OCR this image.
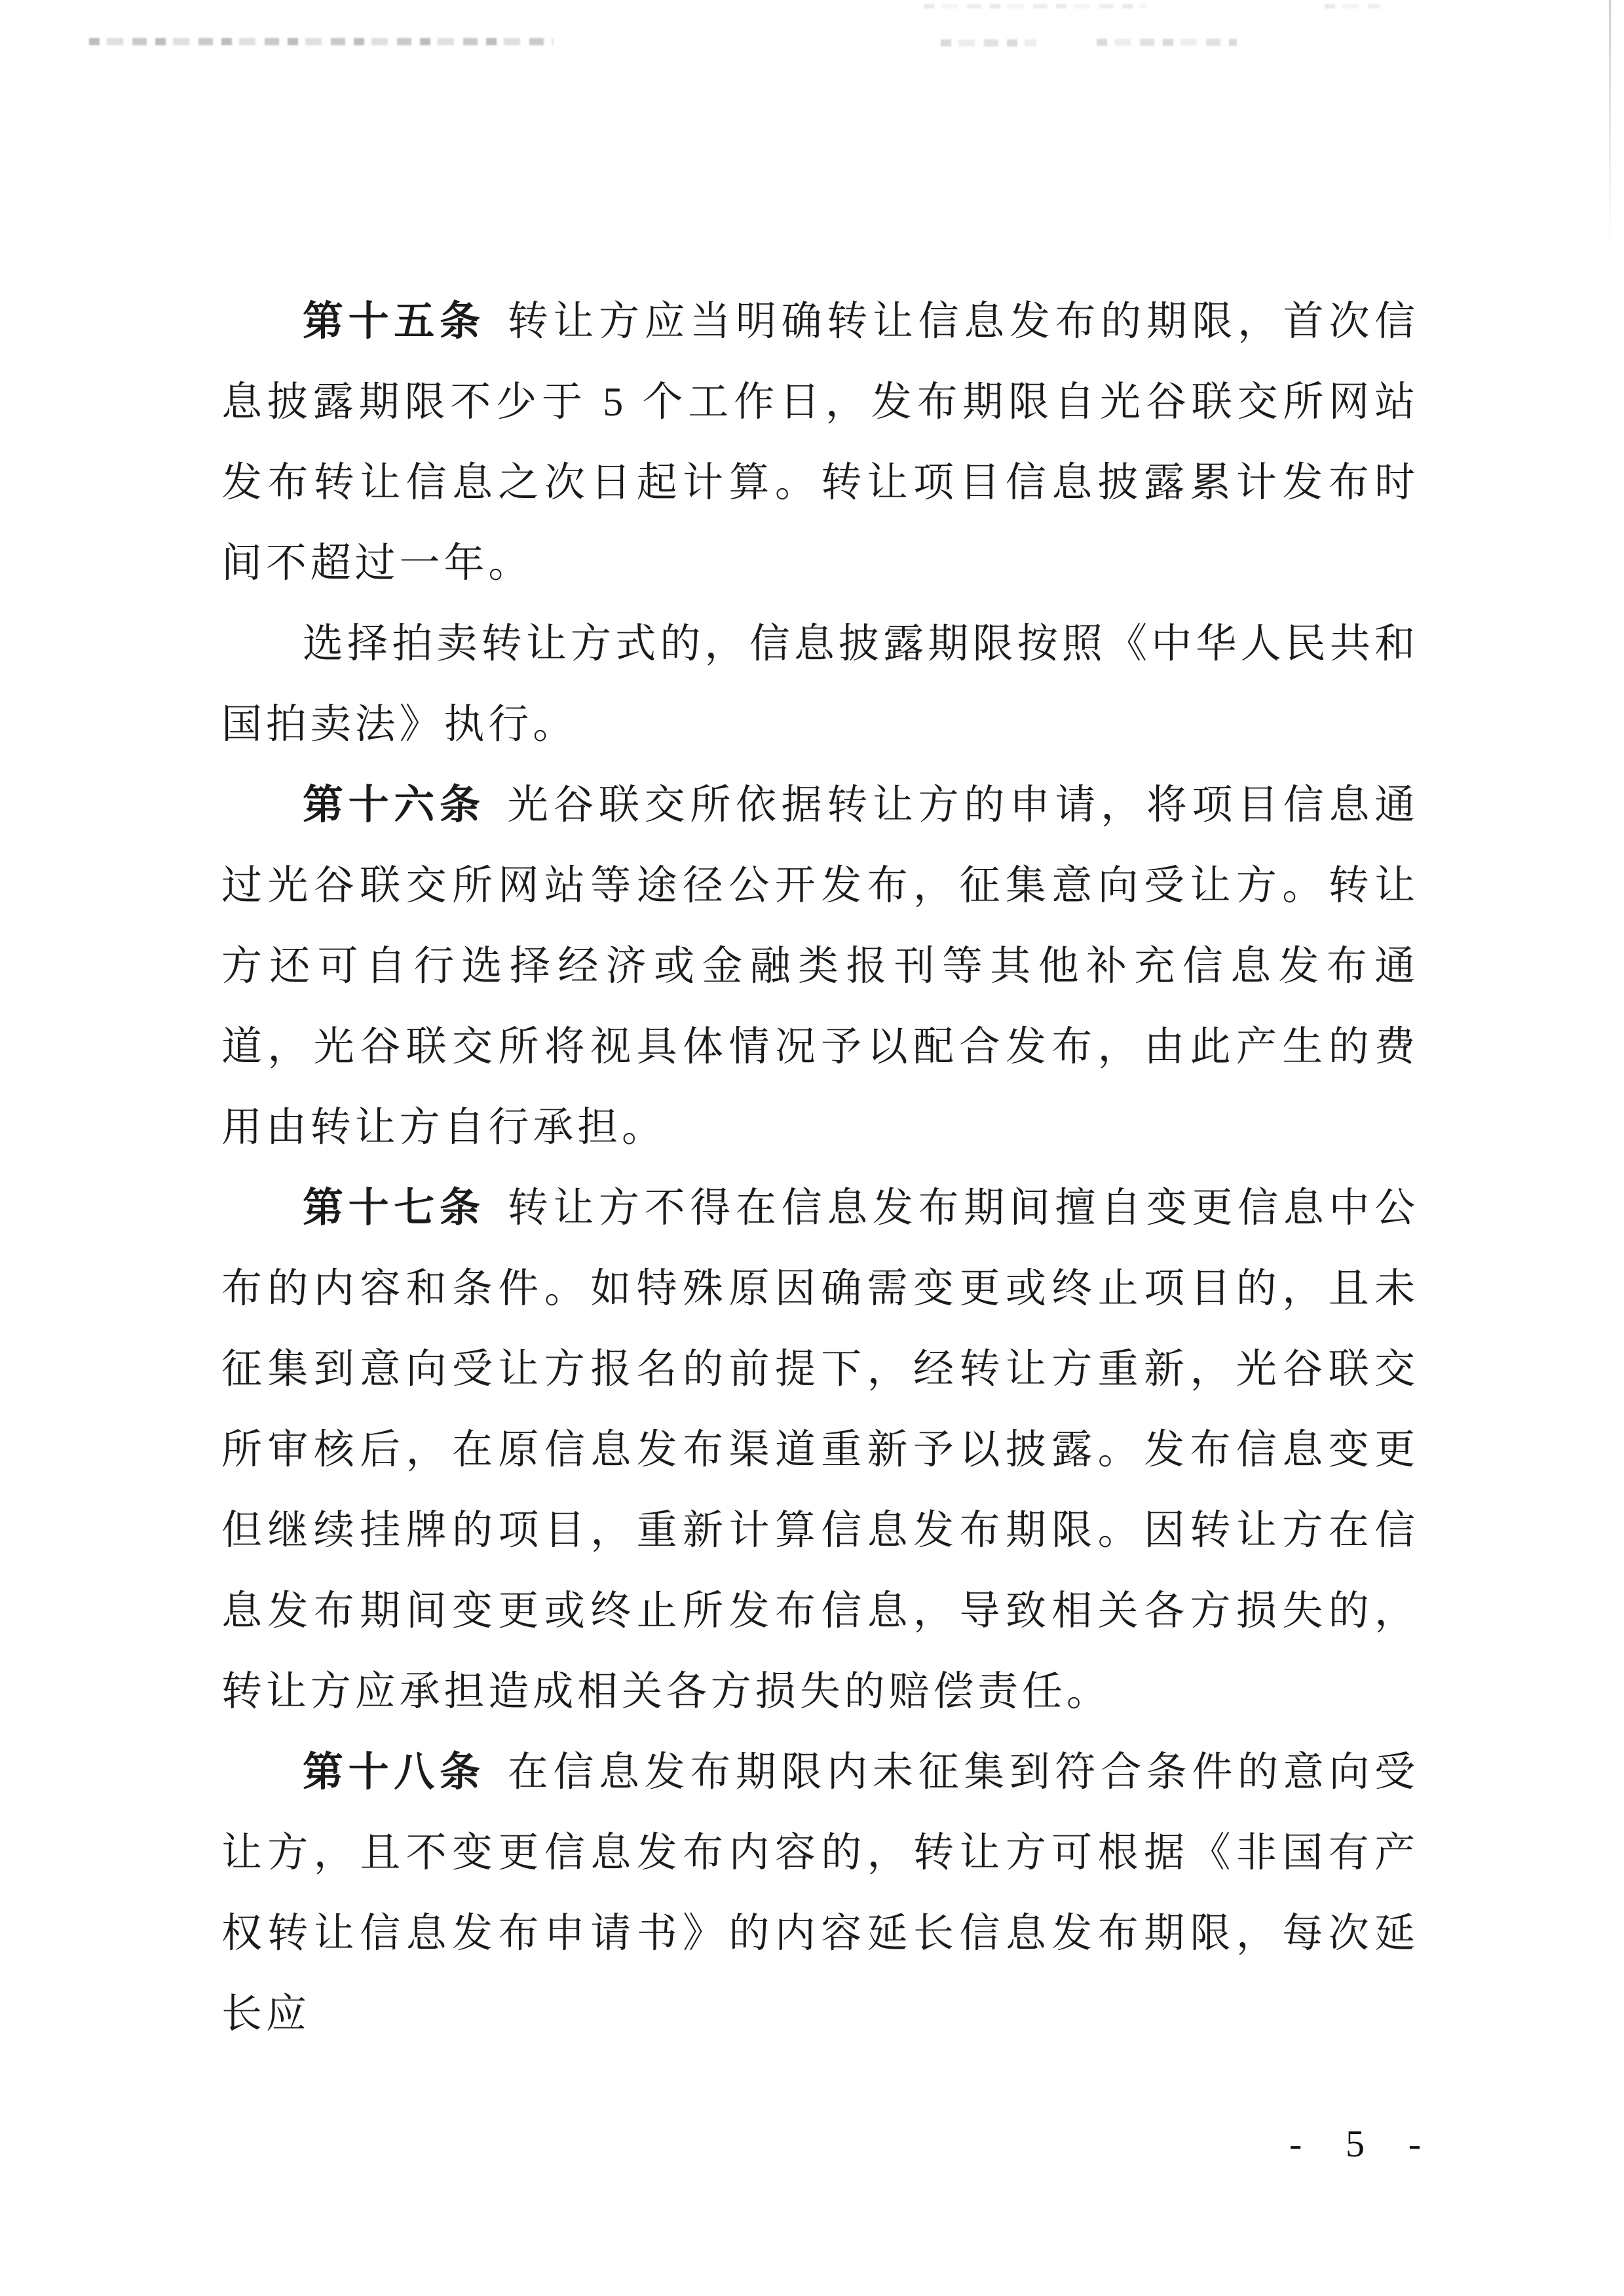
第十五条 转让方应当明确转让信息发布的期限，首次信息披露期限不少于 5 个工作日，发布期限自光谷联交所网站发布转让信息之次日起计算。转让项目信息披露累计发布时间不超过一年。

选择拍卖转让方式的，信息披露期限按照《中华人民共和国拍卖法》执行。

第十六条 光谷联交所依据转让方的申请，将项目信息通过光谷联交所网站等途径公开发布，征集意向受让方。转让方还可自行选择经济或金融类报刊等其他补充信息发布通道，光谷联交所将视具体情况予以配合发布，由此产生的费用由转让方自行承担。

第十七条 转让方不得在信息发布期间擅自变更信息中公布的内容和条件。如特殊原因确需变更或终止项目的，且未征集到意向受让方报名的前提下，经转让方重新，光谷联交所审核后，在原信息发布渠道重新予以披露。发布信息变更但继续挂牌的项目，重新计算信息发布期限。因转让方在信息发布期间变更或终止所发布信息，导致相关各方损失的，转让方应承担造成相关各方损失的赔偿责任。

第十八条 在信息发布期限内未征集到符合条件的意向受让方，且不变更信息发布内容的，转让方可根据《非国有产权转让信息发布申请书》的内容延长信息发布期限，每次延长应

- 5 -
